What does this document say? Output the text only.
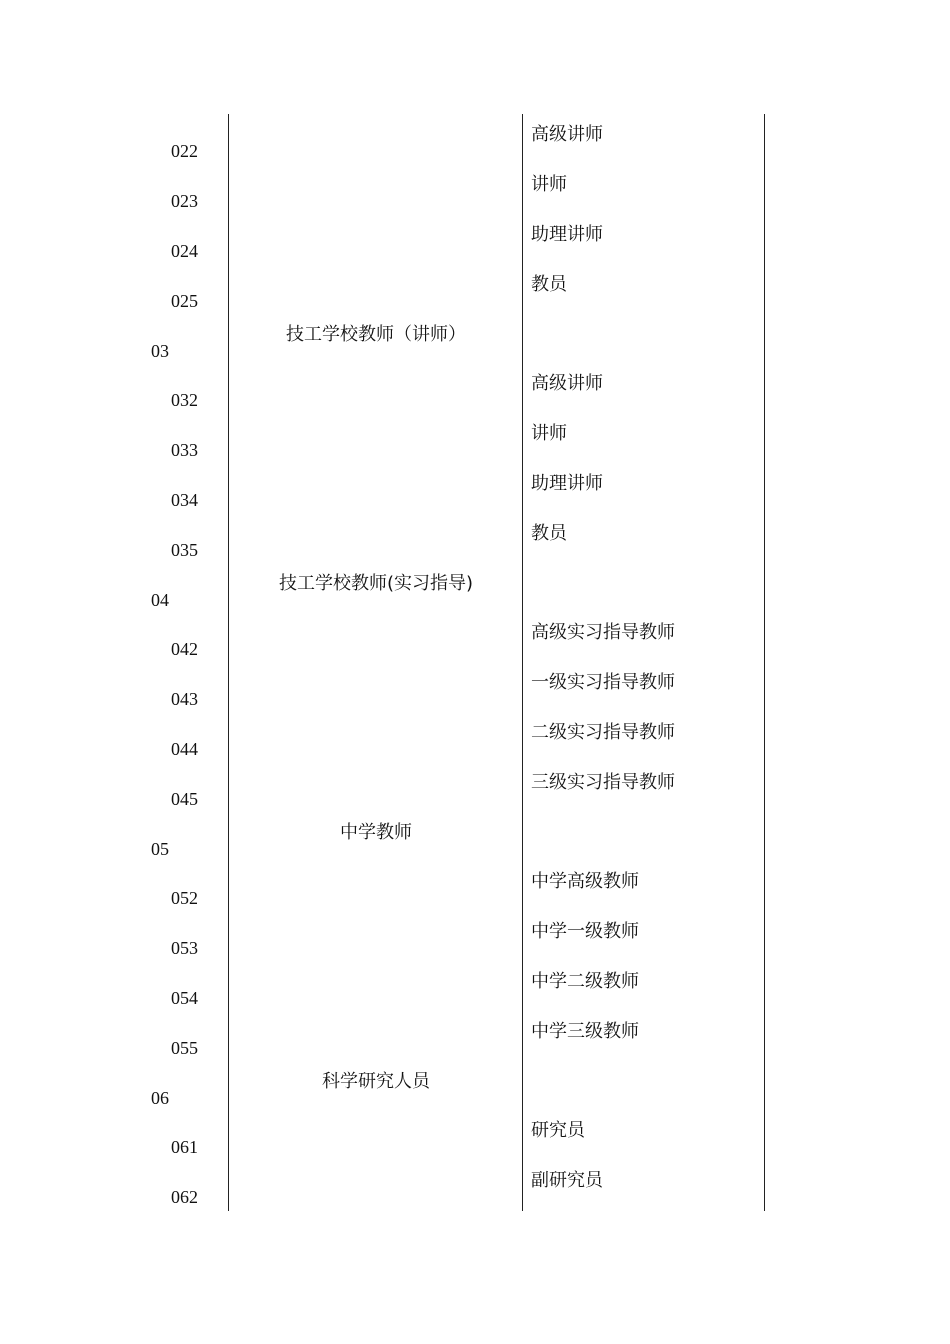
022
高级讲师
023
讲师
024
助理讲师
025
教员
03
技工学校教师（讲师）
032
高级讲师
033
讲师
034
助理讲师
035
教员
04
技工学校教师(实习指导)
042
高级实习指导教师
043
一级实习指导教师
044
二级实习指导教师
045
三级实习指导教师
05
中学教师
052
中学高级教师
053
中学一级教师
054
中学二级教师
055
中学三级教师
06
科学研究人员
061
研究员
062
副研究员
